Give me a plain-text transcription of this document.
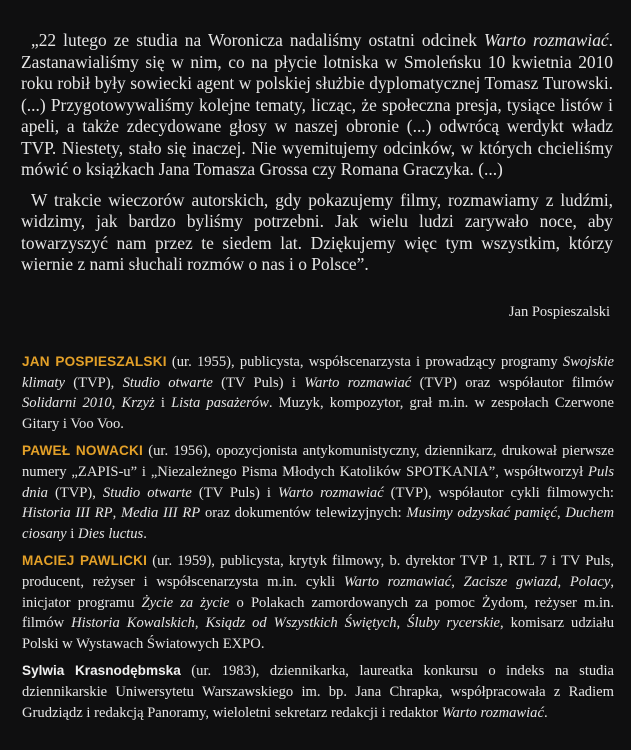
„22 lutego ze studia na Woronicza nadaliśmy ostatni odcinek Warto rozmawiać. Zastanawialiśmy się w nim, co na płycie lotniska w Smoleńsku 10 kwietnia 2010 roku robił były sowiecki agent w polskiej służbie dyplomatycznej Tomasz Turowski. (...) Przygotowywaliśmy kolejne tematy, licząc, że społeczna presja, tysiące listów i apeli, a także zdecydowane głosy w naszej obronie (...) odwrócą werdykt władz TVP. Niestety, stało się inaczej. Nie wyemitujemy odcinków, w których chcieliśmy mówić o książkach Jana Tomasza Grossa czy Romana Graczyka. (...)

W trakcie wieczorów autorskich, gdy pokazujemy filmy, rozmawiamy z ludźmi, widzimy, jak bardzo byliśmy potrzebni. Jak wielu ludzi zarywało noce, aby towarzyszyć nam przez te siedem lat. Dziękujemy więc tym wszystkim, którzy wiernie z nami słuchali rozmów o nas i o Polsce”.

Jan Pospieszalski

JAN POSPIESZALSKI (ur. 1955), publicysta, współscenarzysta i prowadzący programy Swojskie klimaty (TVP), Studio otwarte (TV Puls) i Warto rozmawiać (TVP) oraz współautor filmów Solidarni 2010, Krzyż i Lista pasażerów. Muzyk, kompozytor, grał m.in. w zespołach Czerwone Gitary i Voo Voo.

PAWEŁ NOWACKI (ur. 1956), opozycjonista antykomunistyczny, dziennikarz, drukował pierwsze numery „ZAPIS-u” i „Niezależnego Pisma Młodych Katolików SPOTKANIA”, współtworzył Puls dnia (TVP), Studio otwarte (TV Puls) i Warto rozmawiać (TVP), współautor cykli filmowych: Historia III RP, Media III RP oraz dokumentów telewizyjnych: Musimy odzyskać pamięć, Duchem ciosany i Dies luctus.

MACIEJ PAWLICKI (ur. 1959), publicysta, krytyk filmowy, b. dyrektor TVP 1, RTL 7 i TV Puls, producent, reżyser i współscenarzysta m.in. cykli Warto rozmawiać, Zacisze gwiazd, Polacy, inicjator programu Życie za życie o Polakach zamordowanych za pomoc Żydom, reżyser m.in. filmów Historia Kowalskich, Ksiądz od Wszystkich Świętych, Śluby rycerskie, komisarz udziału Polski w Wystawach Światowych EXPO.

Sylwia Krasnodębmska (ur. 1983), dziennikarka, laureatka konkursu o indeks na studia dziennikarskie Uniwersytetu Warszawskiego im. bp. Jana Chrapka, współpracowała z Radiem Grudziądz i redakcją Panoramy, wieloletni sekretarz redakcji i redaktor Warto rozmawiać.
